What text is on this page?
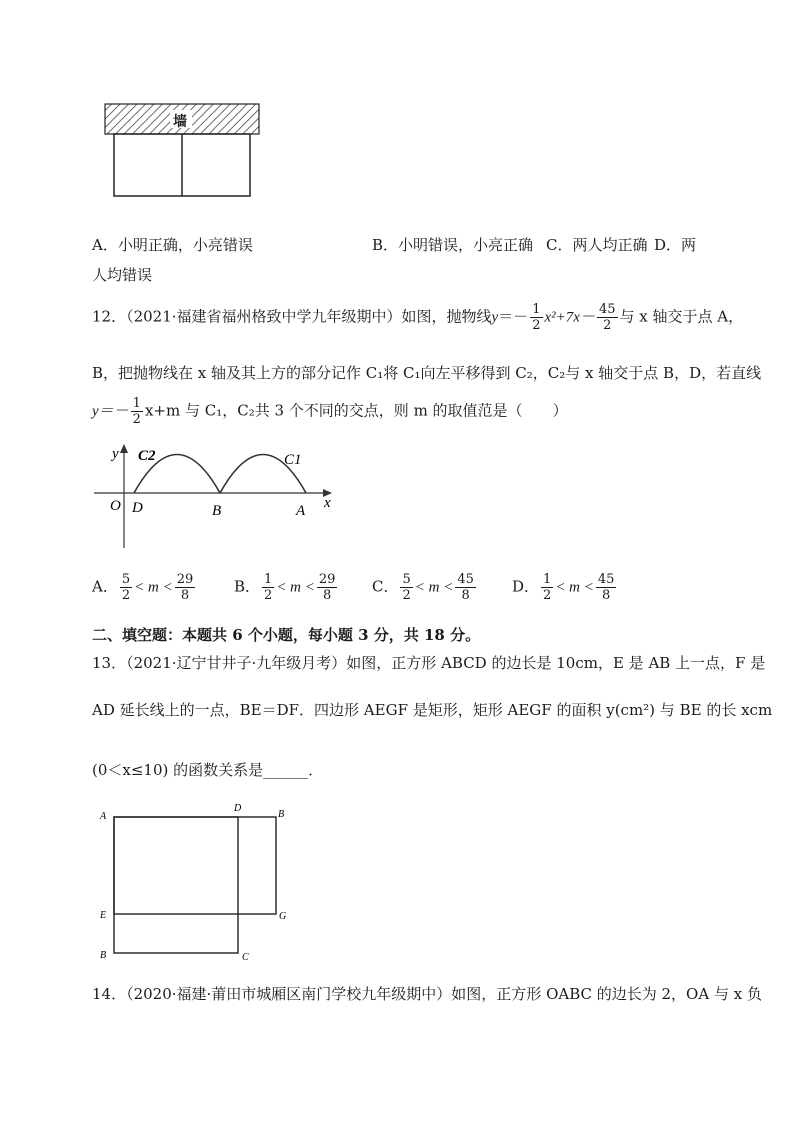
墙
A．小明正确，小亮错误	B．小明错误，小亮正确 C．两人均正确 D．两
人均错误
12．（2021·福建省福州格致中学九年级期中）如图，抛物线$y=- \frac{1}{2} x^2+7x- \frac{45}{2}$ 与 x 轴交于点 A，
B，把抛物线在 x 轴及其上方的部分记作 C₁将 C₁向左平移得到 C₂，C₂与 x 轴交于点 B，D，若直线
$y=- \frac{1}{2} x+m$ 与 C₁，C₂共 3 个不同的交点，则 m 的取值范是（　　）
y
x
O
C2	C1
D	B	A
A． $\frac{5}{2} < m < \frac{29}{8}$	B． $\frac{1}{2} < m < \frac{29}{8}$ C． $\frac{5}{2} < m < \frac{45}{8}$ D． $\frac{1}{2} < m < \frac{45}{8}$
二、填空题：本题共 6 个小题，每小题 3 分，共 18 分。
13．（2021·辽宁甘井子·九年级月考）如图，正方形 ABCD 的边长是 10cm，E 是 AB 上一点，F 是
AD 延长线上的一点，BE＝DF．四边形 AEGF 是矩形，矩形 AEGF 的面积 y(cm²) 与 BE 的长 xcm
(0＜x≤10) 的函数关系是______．
A
D
B
E	G
B	C
14．（2020·福建·莆田市城厢区南门学校九年级期中）如图，正方形 OABC 的边长为 2，OA 与 x 负
